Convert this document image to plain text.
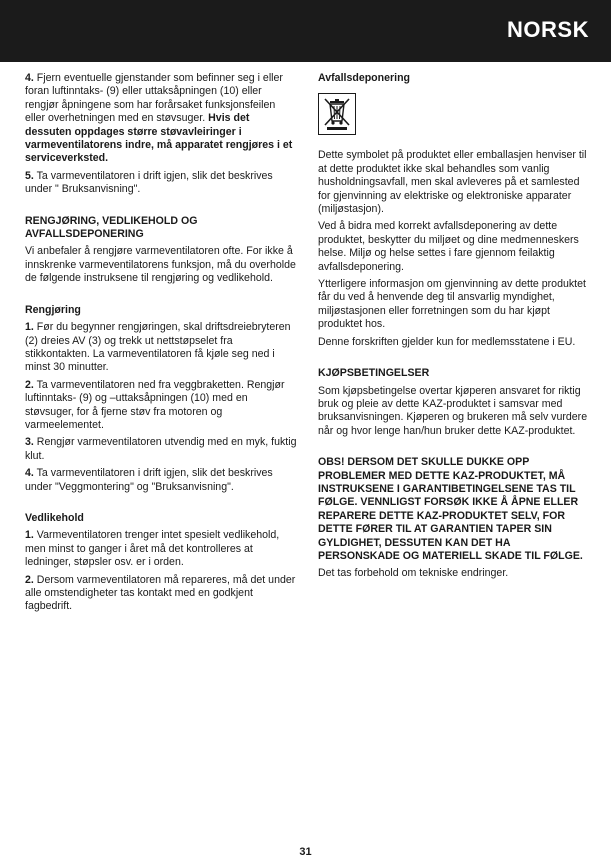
NORSK

4. Fjern eventuelle gjenstander som befinner seg i eller foran luftinntaks- (9) eller uttaksåpningen (10) eller rengjør åpningene som har forårsaket funksjonsfeilen eller overhetningen med en støvsuger. Hvis det dessuten oppdages større støvavleiringer i varmeventilatorens indre, må apparatet rengjøres i et serviceverksted.

5. Ta varmeventilatoren i drift igjen, slik det beskrives under " Bruksanvisning".

RENGJØRING, VEDLIKEHOLD OG AVFALLSDEPONERING

Vi anbefaler å rengjøre varmeventilatoren ofte. For ikke å innskrenke varmeventilatorens funksjon, må du overholde de følgende instruksene til rengjøring og vedlikehold.

Rengjøring

1. Før du begynner rengjøringen, skal driftsdreiebryteren (2) dreies AV (3) og trekk ut nettstøpselet fra stikkontakten. La varmeventilatoren få kjøle seg ned i minst 30 minutter.

2. Ta varmeventilatoren ned fra veggbraketten. Rengjør luftinntaks- (9) og –uttaksåpningen (10) med en støvsuger, for å fjerne støv fra motoren og varmeelementet.

3. Rengjør varmeventilatoren utvendig med en myk, fuktig klut.

4. Ta varmeventilatoren i drift igjen, slik det beskrives under "Veggmontering" og "Bruksanvisning".

Vedlikehold

1. Varmeventilatoren trenger intet spesielt vedlikehold, men minst to ganger i året må det kontrolleres at ledninger, støpsler osv. er i orden.

2. Dersom varmeventilatoren må repareres, må det under alle omstendigheter tas kontakt med en godkjent fagbedrift.

Avfallsdeponering

Dette symbolet på produktet eller emballasjen henviser til at dette produktet ikke skal behandles som vanlig husholdningsavfall, men skal avleveres på et samlested for gjenvinning av elektriske og elektroniske apparater (miljøstasjon).

Ved å bidra med korrekt avfallsdeponering av dette produktet, beskytter du miljøet og dine medmenneskers helse. Miljø og helse settes i fare gjennom feilaktig avfallsdeponering.

Ytterligere informasjon om gjenvinning av dette produktet får du ved å henvende deg til ansvarlig myndighet, miljøstasjonen eller forretningen som du har kjøpt produktet hos.

Denne forskriften gjelder kun for medlemsstatene i EU.

KJØPSBETINGELSER

Som kjøpsbetingelse overtar kjøperen ansvaret for riktig bruk og pleie av dette KAZ-produktet i samsvar med bruksanvisningen. Kjøperen og brukeren må selv vurdere når og hvor lenge han/hun bruker dette KAZ-produktet.

OBS! DERSOM DET SKULLE DUKKE OPP PROBLEMER MED DETTE KAZ-PRODUKTET, MÅ INSTRUKSENE I GARANTIBETINGELSENE TAS TIL FØLGE. VENNLIGST FORSØK IKKE Å ÅPNE ELLER REPARERE DETTE KAZ-PRODUKTET SELV, FOR DETTE FØRER TIL AT GARANTIEN TAPER SIN GYLDIGHET, DESSUTEN KAN DET HA PERSONSKADE OG MATERIELL SKADE TIL FØLGE.

Det tas forbehold om tekniske endringer.

31
